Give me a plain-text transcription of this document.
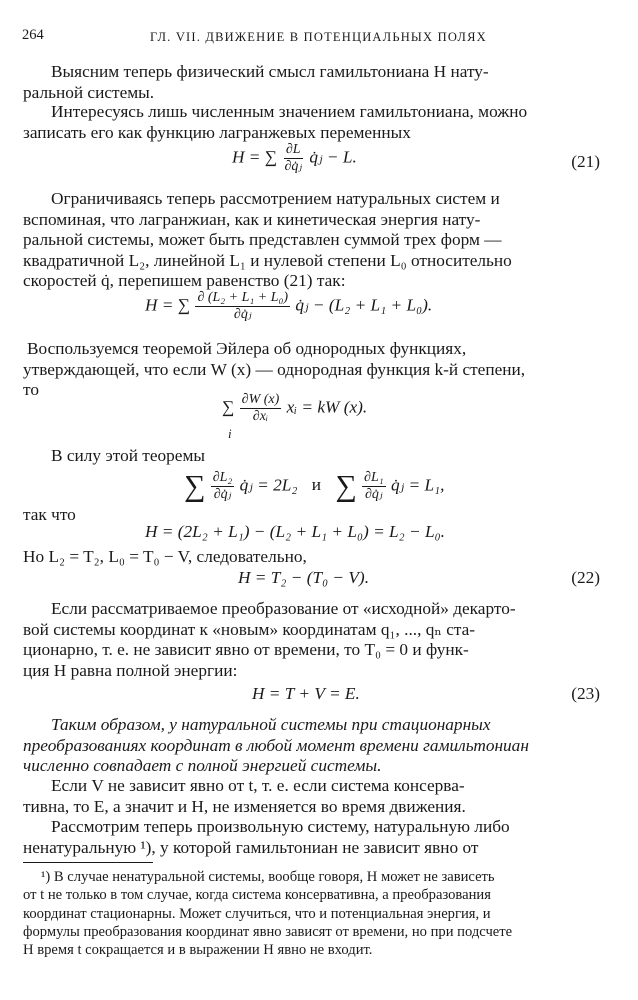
264	ГЛ. VII. ДВИЖЕНИЕ В ПОТЕНЦИАЛЬНЫХ ПОЛЯХ
Выясним теперь физический смысл гамильтониана H нату-
ральной системы.
Интересуясь лишь численным значением гамильтониана, можно
записать его как функцию лагранжевых переменных
H = ∑ $\frac{\partial L}{\text{∂q̇ⱼ}}$ q̇ⱼ − L.	(21)
Ограничиваясь теперь рассмотрением натуральных систем и
вспоминая, что лагранжиан, как и кинетическая энергия нату-
ральной системы, может быть представлен суммой трех форм —
квадратичной L₂, линейной L₁ и нулевой степени L₀ относительно
скоростей q̇, перепишем равенство (21) так:
H = ∑ $\frac{\text{∂ (L₂ + L₁ + L₀)}}{\text{∂q̇ⱼ}}$ q̇ⱼ − (L₂ + L₁ + L₀).
Воспользуемся теоремой Эйлера об однородных функциях,
утверждающей, что если W (x) — однородная функция k-й степени,
то
∑ $\frac{\partial W (x)}{\text{∂xᵢ}}$ xᵢ = kW (x).
i
В силу этой теоремы
∑ $\frac{\text{∂L₂}}{\text{∂q̇ⱼ}}$ q̇ⱼ = 2L₂ и ∑ $\frac{\text{∂L₁}}{\text{∂q̇ⱼ}}$ q̇ⱼ = L₁,
так что
H = (2L₂ + L₁) − (L₂ + L₁ + L₀) = L₂ − L₀.
Но L₂ = T₂, L₀ = T₀ − V, следовательно,
H = T₂ − (T₀ − V).	(22)
Если рассматриваемое преобразование от «исходной» декарто-
вой системы координат к «новым» координатам q₁, ..., qₙ ста-
ционарно, т. е. не зависит явно от времени, то T₀ = 0 и функ-
ция H равна полной энергии:
H = T + V = E.	(23)
Таким образом, у натуральной системы при стационарных
преобразованиях координат в любой момент времени гамильтониан
численно совпадает с полной энергией системы.
Если V не зависит явно от t, т. е. если система консерва-
тивна, то E, а значит и H, не изменяется во время движения.
Рассмотрим теперь произвольную систему, натуральную либо
ненатуральную ¹), у которой гамильтониан не зависит явно от
¹) В случае ненатуральной системы, вообще говоря, H может не зависеть
от t не только в том случае, когда система консервативна, а преобразования
координат стационарны. Может случиться, что и потенциальная энергия, и
формулы преобразования координат явно зависят от времени, но при подсчете
H время t сокращается и в выражении H явно не входит.
